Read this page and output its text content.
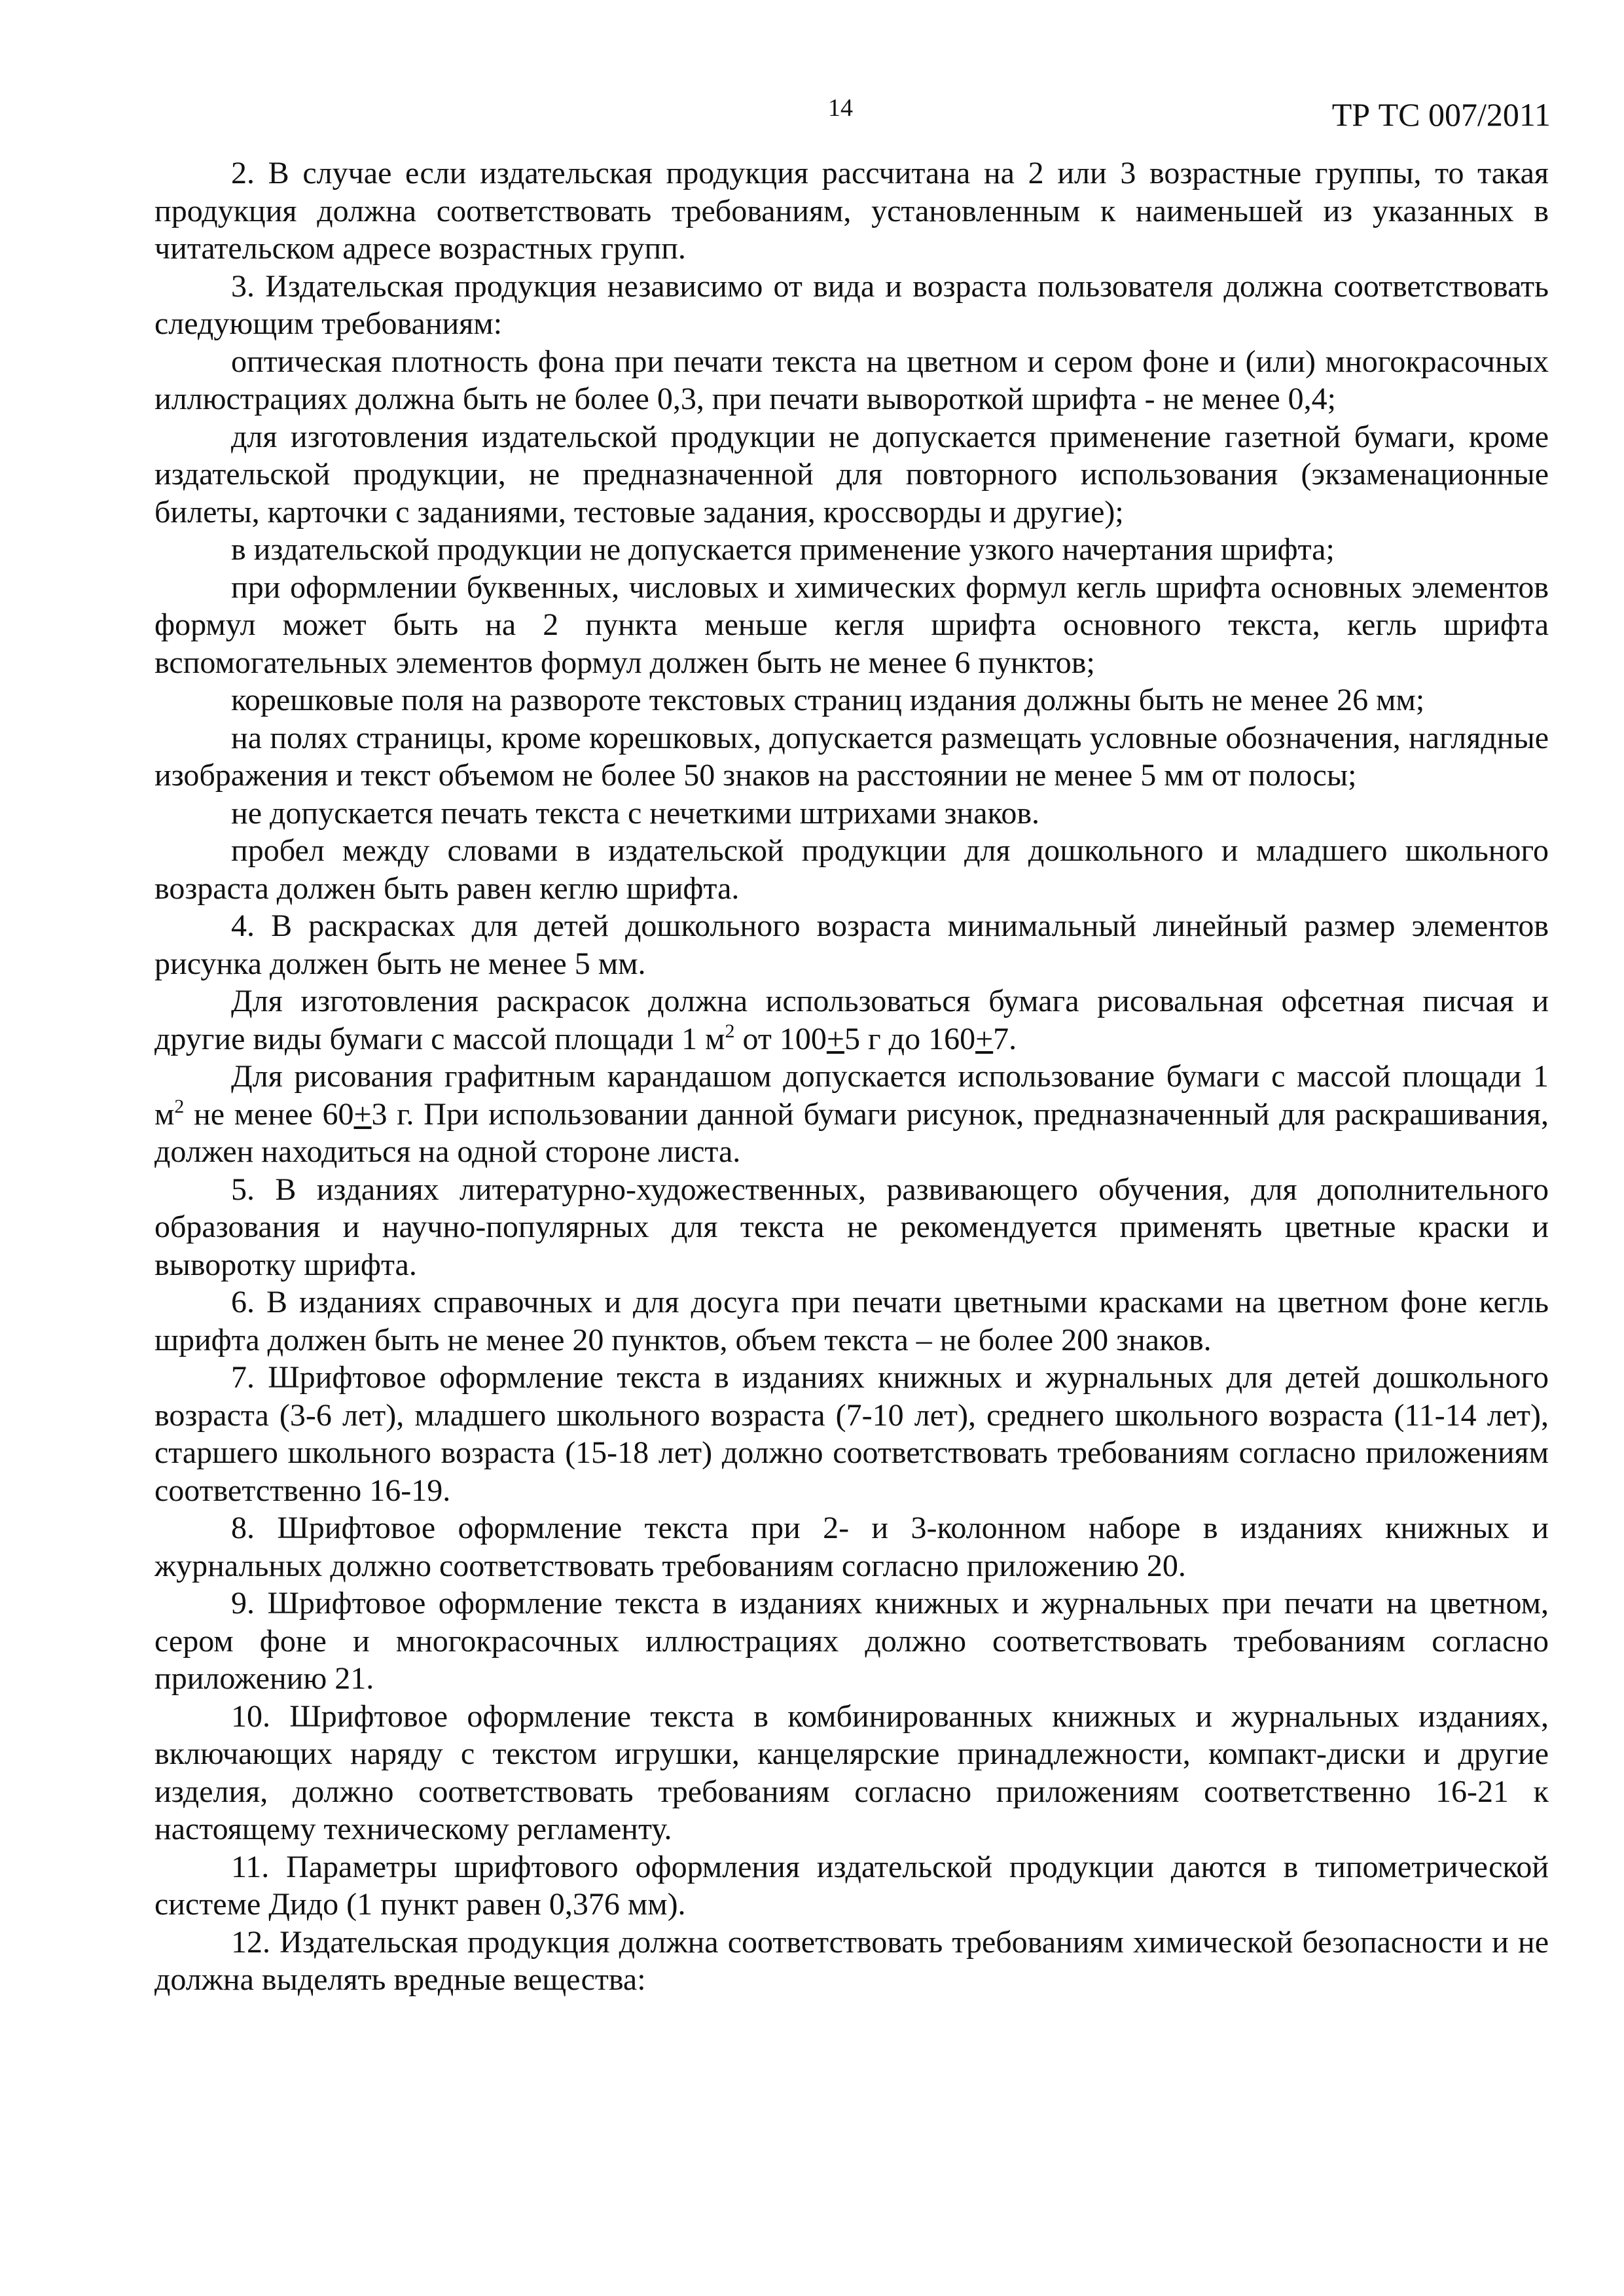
14	ТР ТС 007/2011

2. В случае если издательская продукция рассчитана на 2 или 3 возрастные группы, то такая продукция должна соответствовать требованиям, установленным к наименьшей из указанных в читательском адресе возрастных групп.

3. Издательская продукция независимо от вида и возраста пользователя должна соответствовать следующим требованиям:

оптическая плотность фона при печати текста на цветном и сером фоне и (или) многокрасочных иллюстрациях должна быть не более 0,3, при печати вывороткой шрифта - не менее 0,4;

для изготовления издательской продукции не допускается применение газетной бумаги, кроме издательской продукции, не предназначенной для повторного использования (экзаменационные билеты, карточки с заданиями, тестовые задания, кроссворды и другие);

в издательской продукции не допускается применение узкого начертания шрифта;

при оформлении буквенных, числовых и химических формул кегль шрифта основных элементов формул может быть на 2 пункта меньше кегля шрифта основного текста, кегль шрифта вспомогательных элементов формул должен быть не менее 6 пунктов;

корешковые поля на развороте текстовых страниц издания должны быть не менее 26 мм;

на полях страницы, кроме корешковых, допускается размещать условные обозначения, наглядные изображения и текст объемом не более 50 знаков на расстоянии не менее 5 мм от полосы;

не допускается печать текста с нечеткими штрихами знаков.

пробел между словами в издательской продукции для дошкольного и младшего школьного возраста должен быть равен кеглю шрифта.

4. В раскрасках для детей дошкольного возраста минимальный линейный размер элементов рисунка должен быть не менее 5 мм.

Для изготовления раскрасок должна использоваться бумага рисовальная офсетная писчая и другие виды бумаги с массой площади 1 $м^2$ от 100+5 г до 160+7.

Для рисования графитным карандашом допускается использование бумаги с массой площади 1 $м^2$ не менее 60+3 г. При использовании данной бумаги рисунок, предназначенный для раскрашивания, должен находиться на одной стороне листа.

5. В изданиях литературно-художественных, развивающего обучения, для дополнительного образования и научно-популярных для текста не рекомендуется применять цветные краски и выворотку шрифта.

6. В изданиях справочных и для досуга при печати цветными красками на цветном фоне кегль шрифта должен быть не менее 20 пунктов, объем текста – не более 200 знаков.

7. Шрифтовое оформление текста в изданиях книжных и журнальных для детей дошкольного возраста (3-6 лет), младшего школьного возраста (7-10 лет), среднего школьного возраста (11-14 лет), старшего школьного возраста (15-18 лет) должно соответствовать требованиям согласно приложениям соответственно 16-19.

8. Шрифтовое оформление текста при 2- и 3-колонном наборе в изданиях книжных и журнальных должно соответствовать требованиям согласно приложению 20.

9. Шрифтовое оформление текста в изданиях книжных и журнальных при печати на цветном, сером фоне и многокрасочных иллюстрациях должно соответствовать требованиям согласно приложению 21.

10. Шрифтовое оформление текста в комбинированных книжных и журнальных изданиях, включающих наряду с текстом игрушки, канцелярские принадлежности, компакт-диски и другие изделия, должно соответствовать требованиям согласно приложениям соответственно 16-21 к настоящему техническому регламенту.

11. Параметры шрифтового оформления издательской продукции даются в типометрической системе Дидо (1 пункт равен 0,376 мм).

12. Издательская продукция должна соответствовать требованиям химической безопасности и не должна выделять вредные вещества:
